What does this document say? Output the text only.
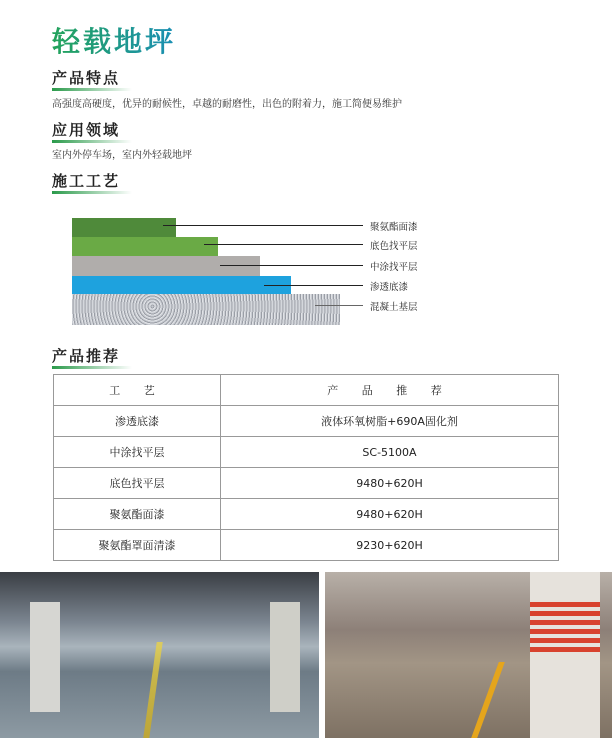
轻载地坪
产品特点
高强度高硬度，优异的耐候性，卓越的耐磨性，出色的附着力，施工简便易维护
应用领域
室内外停车场，室内外轻载地坪
施工工艺
聚氨酯面漆
底色找平层
中涂找平层
渗透底漆
混凝土基层
产品推荐
工 艺	产 品 推 荐
渗透底漆	液体环氧树脂+690A固化剂
中涂找平层	SC-5100A
底色找平层	9480+620H
聚氨酯面漆	9480+620H
聚氨酯罩面清漆	9230+620H
